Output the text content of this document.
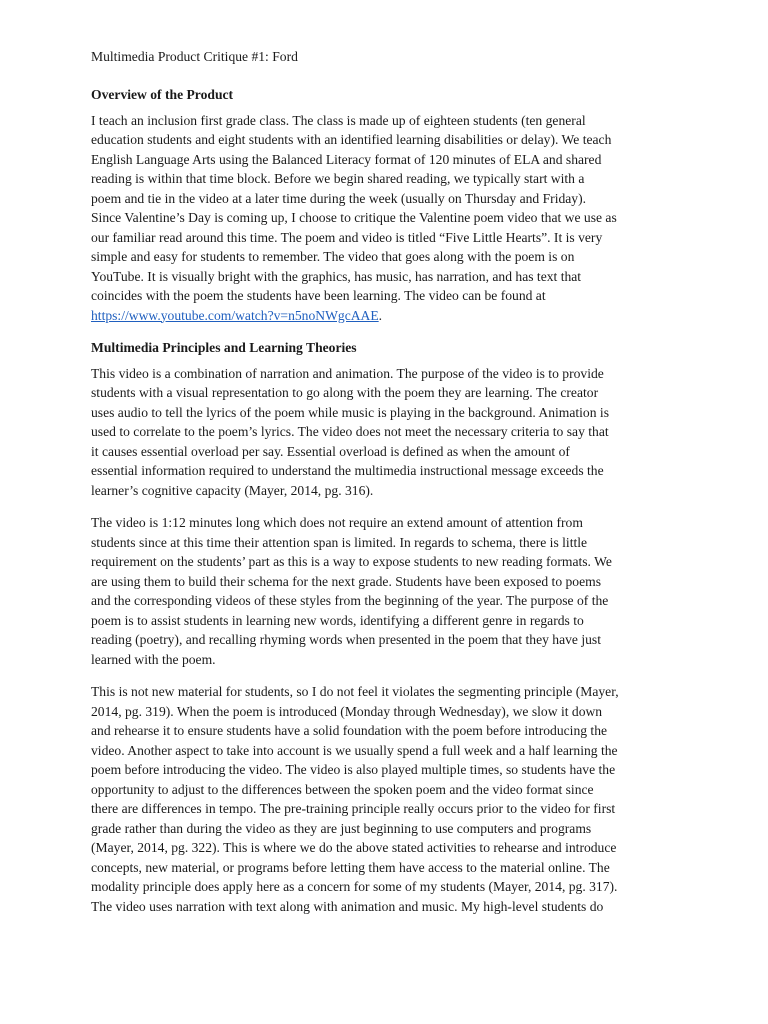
Multimedia Product Critique #1: Ford
Overview of the Product
I teach an inclusion first grade class. The class is made up of eighteen students (ten general
education students and eight students with an identified learning disabilities or delay). We teach
English Language Arts using the Balanced Literacy format of 120 minutes of ELA and shared
reading is within that time block. Before we begin shared reading, we typically start with a
poem and tie in the video at a later time during the week (usually on Thursday and Friday).
Since Valentine’s Day is coming up, I choose to critique the Valentine poem video that we use as
our familiar read around this time. The poem and video is titled “Five Little Hearts”. It is very
simple and easy for students to remember. The video that goes along with the poem is on
YouTube. It is visually bright with the graphics, has music, has narration, and has text that
coincides with the poem the students have been learning. The video can be found at
https://www.youtube.com/watch?v=n5noNWgcAAE.
Multimedia Principles and Learning Theories
This video is a combination of narration and animation. The purpose of the video is to provide
students with a visual representation to go along with the poem they are learning. The creator
uses audio to tell the lyrics of the poem while music is playing in the background. Animation is
used to correlate to the poem’s lyrics. The video does not meet the necessary criteria to say that
it causes essential overload per say. Essential overload is defined as when the amount of
essential information required to understand the multimedia instructional message exceeds the
learner’s cognitive capacity (Mayer, 2014, pg. 316).
The video is 1:12 minutes long which does not require an extend amount of attention from
students since at this time their attention span is limited. In regards to schema, there is little
requirement on the students’ part as this is a way to expose students to new reading formats. We
are using them to build their schema for the next grade. Students have been exposed to poems
and the corresponding videos of these styles from the beginning of the year. The purpose of the
poem is to assist students in learning new words, identifying a different genre in regards to
reading (poetry), and recalling rhyming words when presented in the poem that they have just
learned with the poem.
This is not new material for students, so I do not feel it violates the segmenting principle (Mayer,
2014, pg. 319). When the poem is introduced (Monday through Wednesday), we slow it down
and rehearse it to ensure students have a solid foundation with the poem before introducing the
video. Another aspect to take into account is we usually spend a full week and a half learning the
poem before introducing the video. The video is also played multiple times, so students have the
opportunity to adjust to the differences between the spoken poem and the video format since
there are differences in tempo. The pre-training principle really occurs prior to the video for first
grade rather than during the video as they are just beginning to use computers and programs
(Mayer, 2014, pg. 322). This is where we do the above stated activities to rehearse and introduce
concepts, new material, or programs before letting them have access to the material online. The
modality principle does apply here as a concern for some of my students (Mayer, 2014, pg. 317).
The video uses narration with text along with animation and music. My high-level students do
